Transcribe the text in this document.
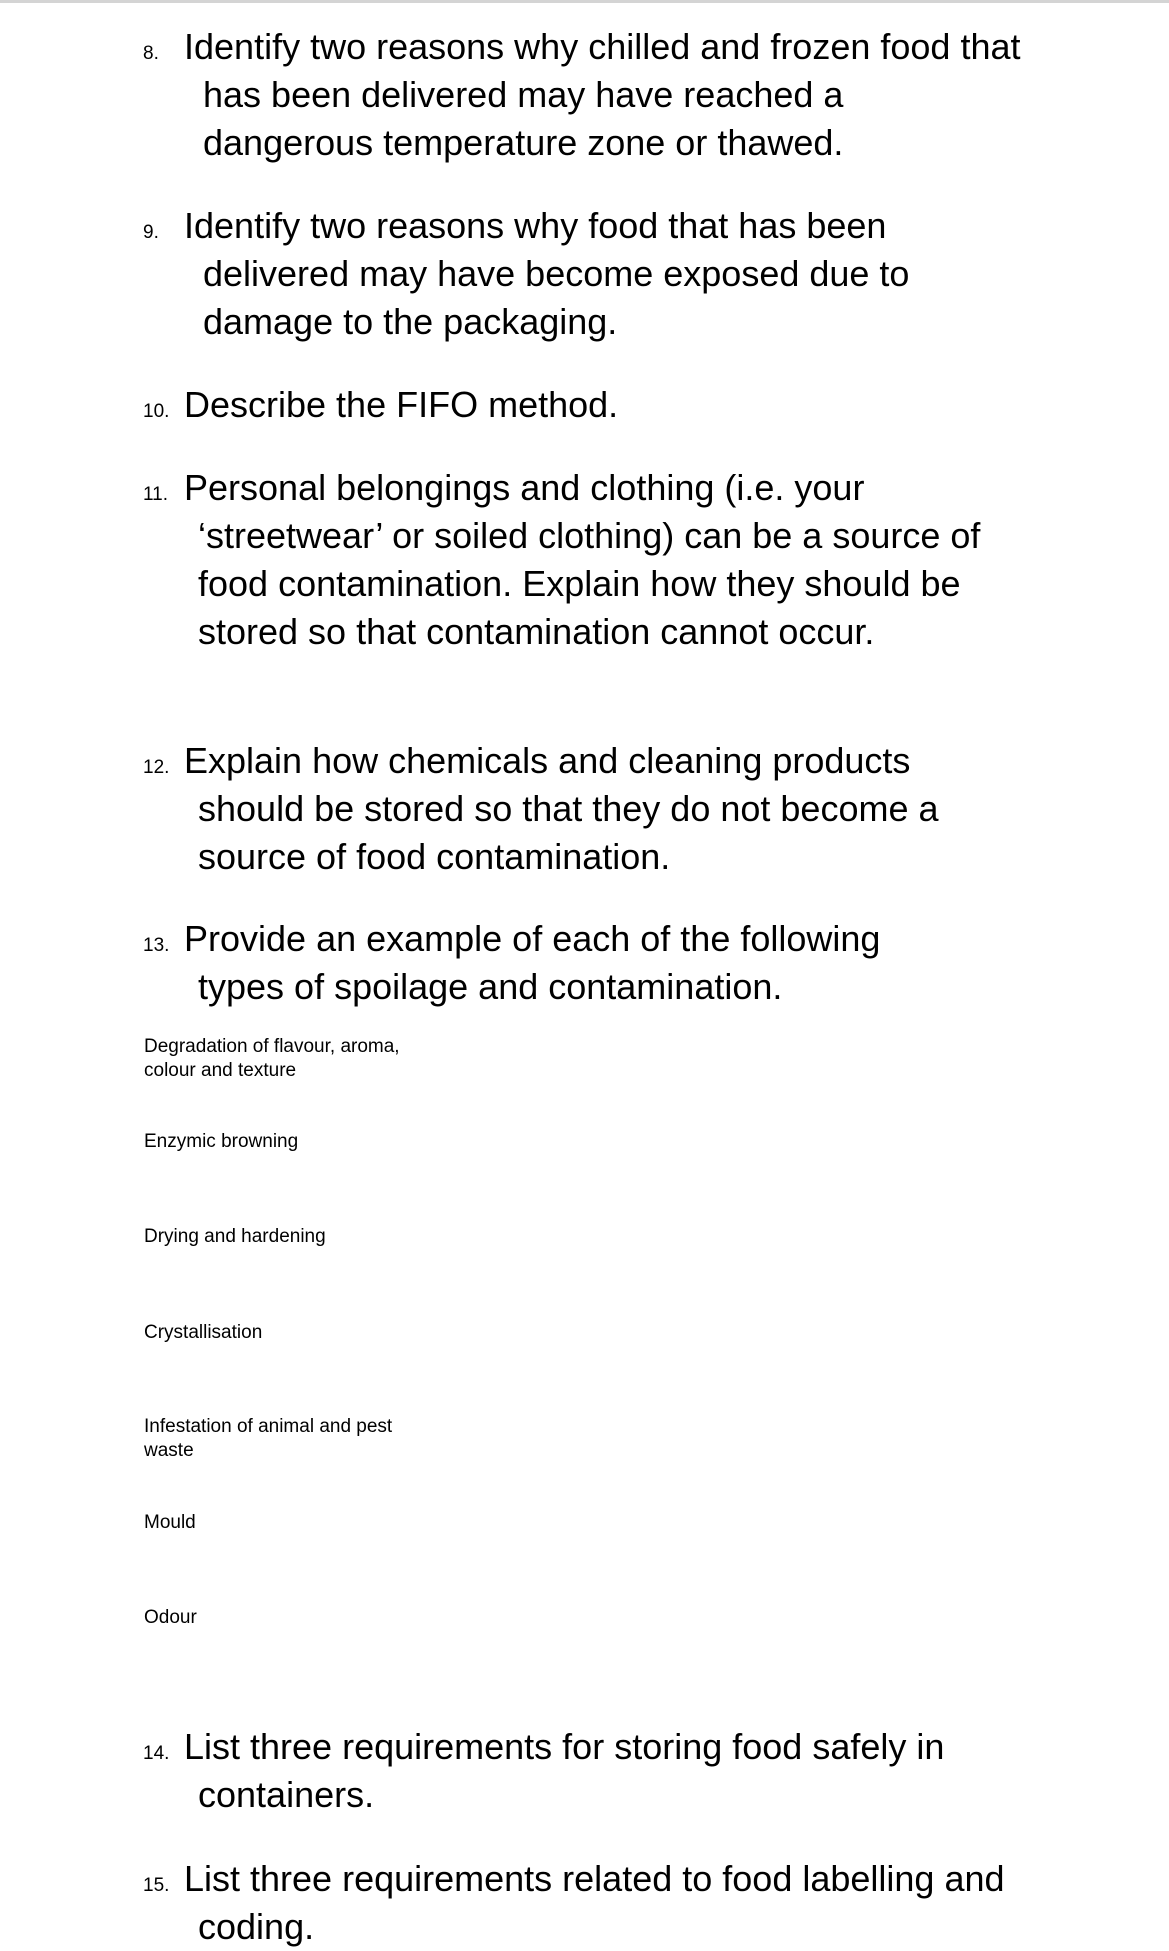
8. Identify two reasons why chilled and frozen food that has been delivered may have reached a dangerous temperature zone or thawed.
9. Identify two reasons why food that has been delivered may have become exposed due to damage to the packaging.
10. Describe the FIFO method.
11. Personal belongings and clothing (i.e. your ‘streetwear’ or soiled clothing) can be a source of food contamination. Explain how they should be stored so that contamination cannot occur.
12. Explain how chemicals and cleaning products should be stored so that they do not become a source of food contamination.
13. Provide an example of each of the following types of spoilage and contamination.
Degradation of flavour, aroma, colour and texture
Enzymic browning
Drying and hardening
Crystallisation
Infestation of animal and pest waste
Mould
Odour
14. List three requirements for storing food safely in containers.
15. List three requirements related to food labelling and coding.
